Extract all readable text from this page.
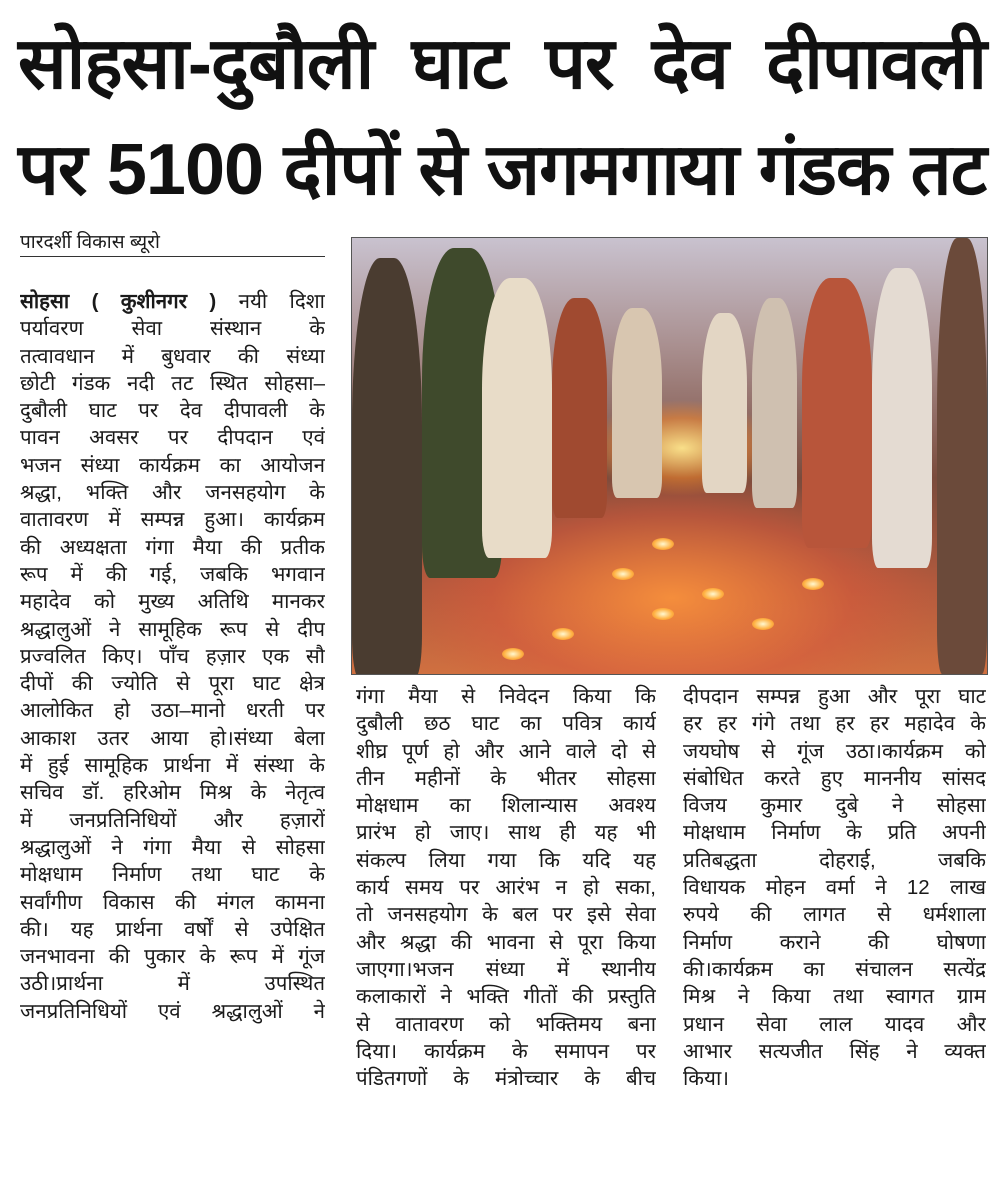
सोहसा-दुबौली घाट पर देव दीपावली
पर 5100 दीपों से जगमगाया गंडक तट
पारदर्शी विकास ब्यूरो
सोहसा ( कुशीनगर ) नयी दिशा
पर्यावरण सेवा संस्थान के
तत्वावधान में बुधवार की संध्या
छोटी गंडक नदी तट स्थित सोहसा–
दुबौली घाट पर देव दीपावली के
पावन अवसर पर दीपदान एवं
भजन संध्या कार्यक्रम का आयोजन
श्रद्धा, भक्ति और जनसहयोग के
वातावरण में सम्पन्न हुआ। कार्यक्रम
की अध्यक्षता गंगा मैया की प्रतीक
रूप में की गई, जबकि भगवान
महादेव को मुख्य अतिथि मानकर
श्रद्धालुओं ने सामूहिक रूप से दीप
प्रज्वलित किए। पाँच हज़ार एक सौ
दीपों की ज्योति से पूरा घाट क्षेत्र
आलोकित हो उठा–मानो धरती पर
आकाश उतर आया हो।संध्या बेला
में हुई सामूहिक प्रार्थना में संस्था के
सचिव डॉ. हरिओम मिश्र के नेतृत्व
में जनप्रतिनिधियों और हज़ारों
श्रद्धालुओं ने गंगा मैया से सोहसा
मोक्षधाम निर्माण तथा घाट के
सर्वांगीण विकास की मंगल कामना
की। यह प्रार्थना वर्षों से उपेक्षित
जनभावना की पुकार के रूप में गूंज
उठी।प्रार्थना में उपस्थित
जनप्रतिनिधियों एवं श्रद्धालुओं ने
गंगा मैया से निवेदन किया कि
दुबौली छठ घाट का पवित्र कार्य
शीघ्र पूर्ण हो और आने वाले दो से
तीन महीनों के भीतर सोहसा
मोक्षधाम का शिलान्यास अवश्य
प्रारंभ हो जाए। साथ ही यह भी
संकल्प लिया गया कि यदि यह
कार्य समय पर आरंभ न हो सका,
तो जनसहयोग के बल पर इसे सेवा
और श्रद्धा की भावना से पूरा किया
जाएगा।भजन संध्या में स्थानीय
कलाकारों ने भक्ति गीतों की प्रस्तुति
से वातावरण को भक्तिमय बना
दिया। कार्यक्रम के समापन पर
पंडितगणों के मंत्रोच्चार के बीच
दीपदान सम्पन्न हुआ और पूरा घाट
हर हर गंगे तथा हर हर महादेव के
जयघोष से गूंज उठा।कार्यक्रम को
संबोधित करते हुए माननीय सांसद
विजय कुमार दुबे ने सोहसा
मोक्षधाम निर्माण के प्रति अपनी
प्रतिबद्धता दोहराई, जबकि
विधायक मोहन वर्मा ने 12 लाख
रुपये की लागत से धर्मशाला
निर्माण कराने की घोषणा
की।कार्यक्रम का संचालन सत्येंद्र
मिश्र ने किया तथा स्वागत ग्राम
प्रधान सेवा लाल यादव और
आभार सत्यजीत सिंह ने व्यक्त
किया।
